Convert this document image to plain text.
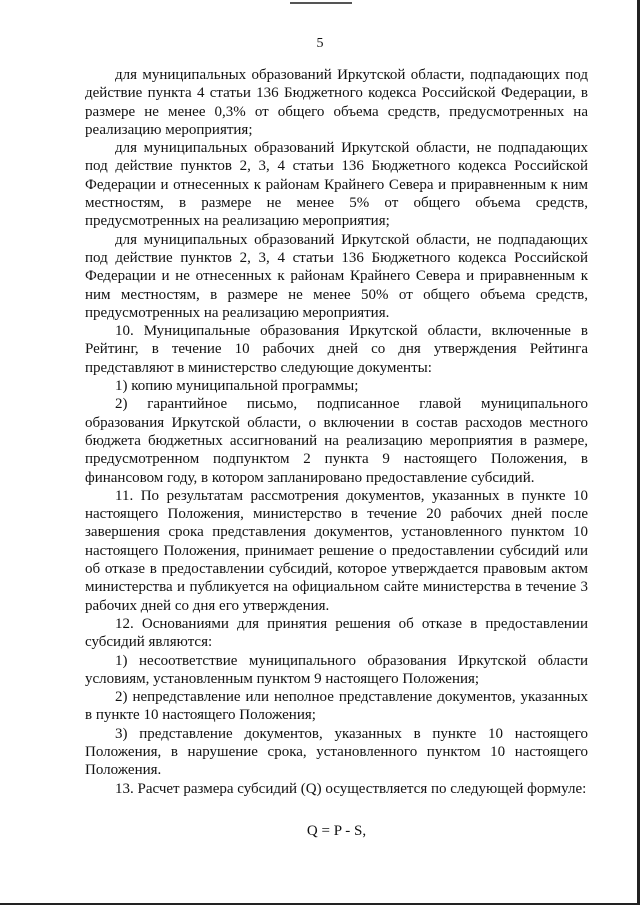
5

для муниципальных образований Иркутской области, подпадающих под действие пункта 4 статьи 136 Бюджетного кодекса Российской Федерации, в размере не менее 0,3% от общего объема средств, предусмотренных на реализацию мероприятия;

для муниципальных образований Иркутской области, не подпадающих под действие пунктов 2, 3, 4 статьи 136 Бюджетного кодекса Российской Федерации и отнесенных к районам Крайнего Севера и приравненным к ним местностям, в размере не менее 5% от общего объема средств, предусмотренных на реализацию мероприятия;

для муниципальных образований Иркутской области, не подпадающих под действие пунктов 2, 3, 4 статьи 136 Бюджетного кодекса Российской Федерации и не отнесенных к районам Крайнего Севера и приравненным к ним местностям, в размере не менее 50% от общего объема средств, предусмотренных на реализацию мероприятия.

10. Муниципальные образования Иркутской области, включенные в Рейтинг, в течение 10 рабочих дней со дня утверждения Рейтинга представляют в министерство следующие документы:

1) копию муниципальной программы;

2) гарантийное письмо, подписанное главой муниципального образования Иркутской области, о включении в состав расходов местного бюджета бюджетных ассигнований на реализацию мероприятия в размере, предусмотренном подпунктом 2 пункта 9 настоящего Положения, в финансовом году, в котором запланировано предоставление субсидий.

11. По результатам рассмотрения документов, указанных в пункте 10 настоящего Положения, министерство в течение 20 рабочих дней после завершения срока представления документов, установленного пунктом 10 настоящего Положения, принимает решение о предоставлении субсидий или об отказе в предоставлении субсидий, которое утверждается правовым актом министерства и публикуется на официальном сайте министерства в течение 3 рабочих дней со дня его утверждения.

12. Основаниями для принятия решения об отказе в предоставлении субсидий являются:

1) несоответствие муниципального образования Иркутской области условиям, установленным пунктом 9 настоящего Положения;

2) непредставление или неполное представление документов, указанных в пункте 10 настоящего Положения;

3) представление документов, указанных в пункте 10 настоящего Положения, в нарушение срока, установленного пунктом 10 настоящего Положения.

13. Расчет размера субсидий (Q) осуществляется по следующей формуле:

Q = P - S,
